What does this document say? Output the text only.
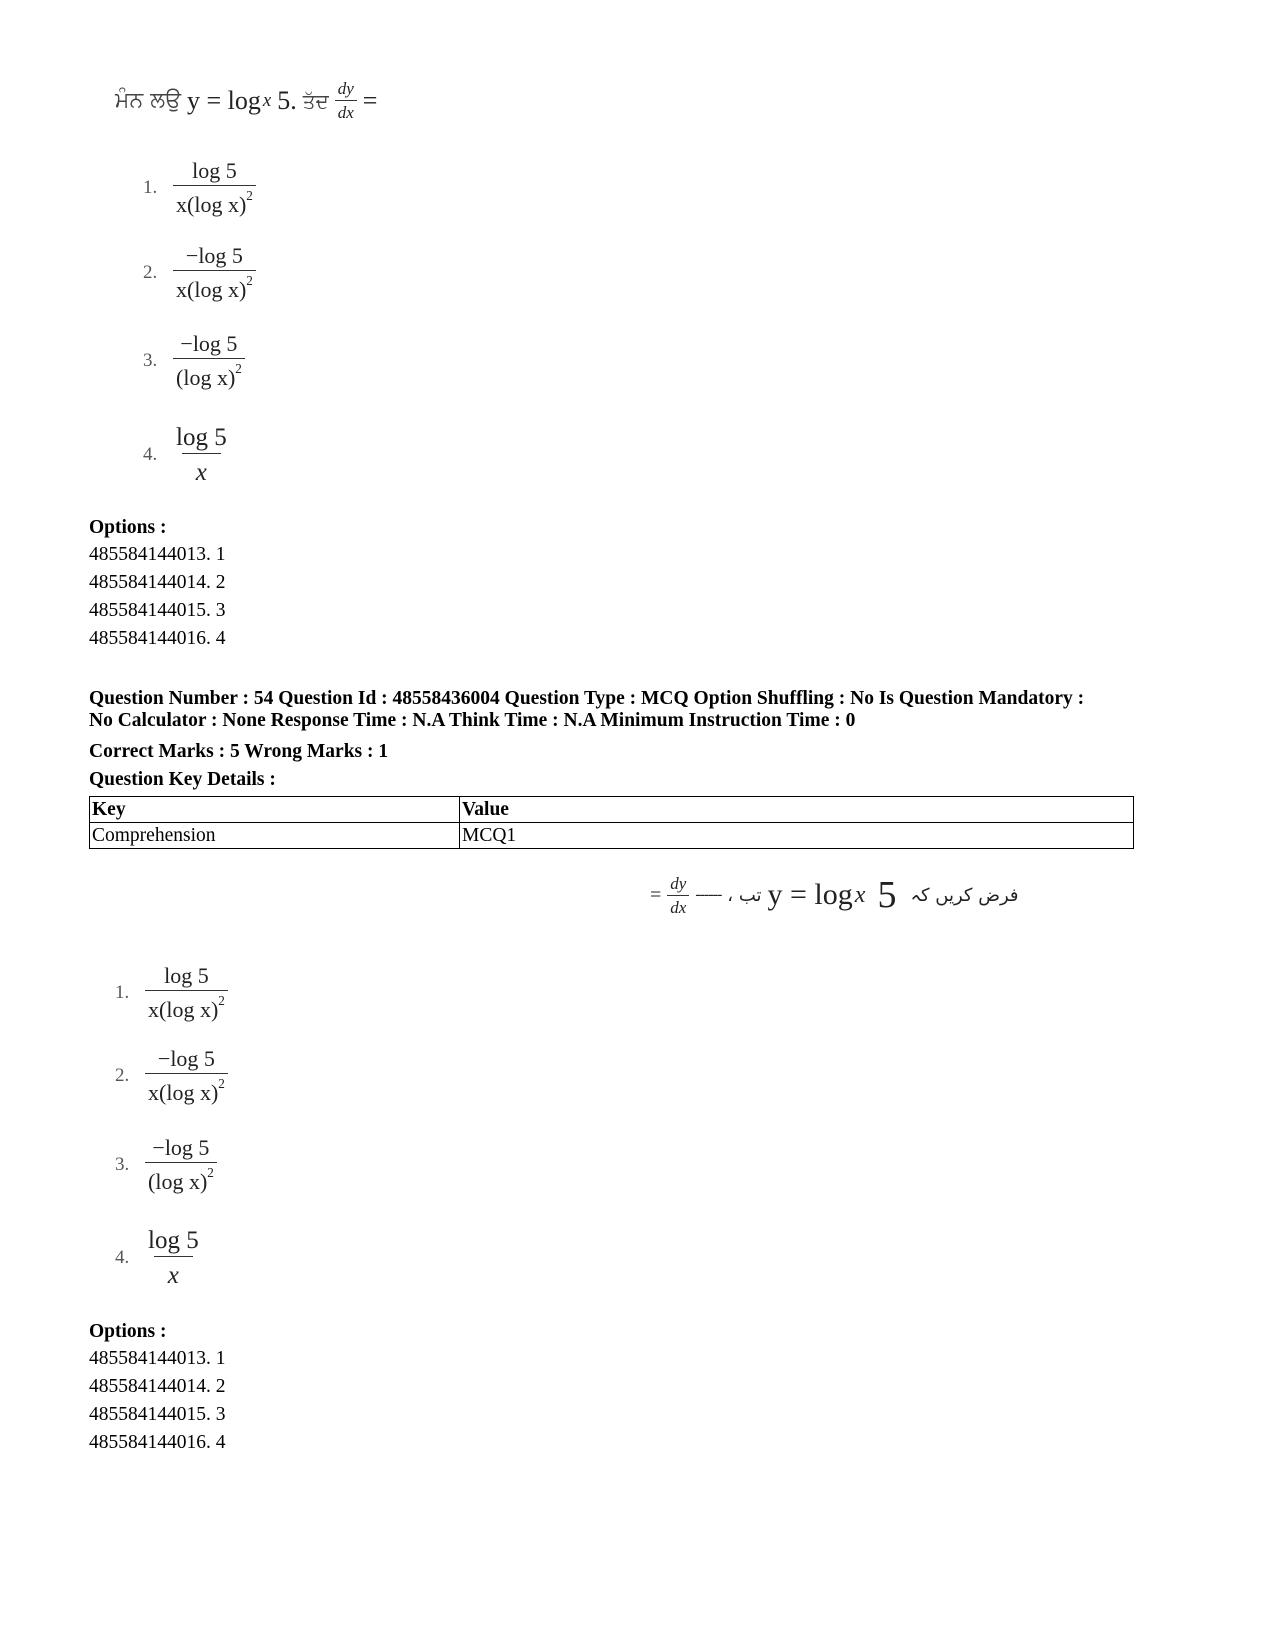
ਮੰਨ ਲਉ y = log x 5. ਤੱਦ $\frac{dy}{dx}$ =
1. $\frac{\log 5}{x(\log x)^2}$
2. $\frac{-\log 5}{x(\log x)^2}$
3. $\frac{-\log 5}{(\log x)^2}$
4. $\frac{\log 5}{x}$
Options :
485584144013. 1
485584144014. 2
485584144015. 3
485584144016. 4
Question Number : 54 Question Id : 48558436004 Question Type : MCQ Option Shuffling : No Is Question Mandatory :
No Calculator : None Response Time : N.A Think Time : N.A Minimum Instruction Time : 0
Correct Marks : 5 Wrong Marks : 1
Question Key Details :
Key	Value
Comprehension	MCQ1
= $\frac{dy}{dx}$ ------ تب ، y = log x 5 فرض کریں کہ
1. $\frac{\log 5}{x(\log x)^2}$
2. $\frac{-\log 5}{x(\log x)^2}$
3. $\frac{-\log 5}{(\log x)^2}$
4. $\frac{\log 5}{x}$
Options :
485584144013. 1
485584144014. 2
485584144015. 3
485584144016. 4
